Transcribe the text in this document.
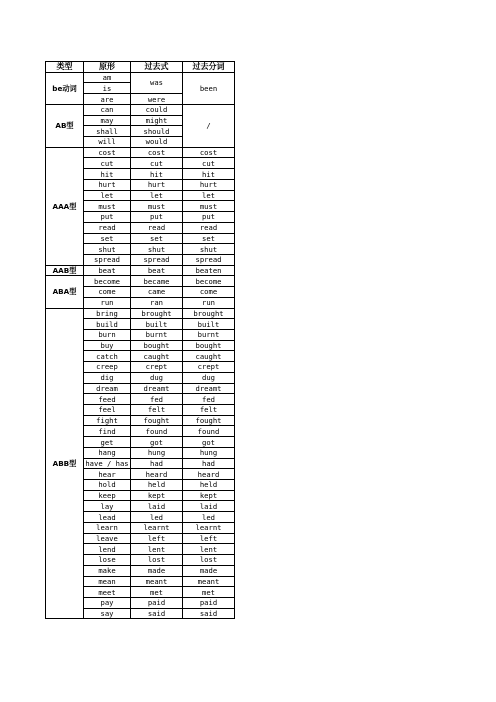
类型	原形	过去式	过去分词
be动词	am	was	been
	is		
	are	were	
AB型	can	could	/
	may	might	
	shall	should	
	will	would	
AAA型	cost	cost	cost
	cut	cut	cut
	hit	hit	hit
	hurt	hurt	hurt
	let	let	let
	must	must	must
	put	put	put
	read	read	read
	set	set	set
	shut	shut	shut
	spread	spread	spread
AAB型	beat	beat	beaten
ABA型	become	became	become
	come	came	come
	run	ran	run
ABB型	bring	brought	brought
	build	built	built
	burn	burnt	burnt
	buy	bought	bought
	catch	caught	caught
	creep	crept	crept
	dig	dug	dug
	dream	dreamt	dreamt
	feed	fed	fed
	feel	felt	felt
	fight	fought	fought
	find	found	found
	get	got	got
	hang	hung	hung
	have / has	had	had
	hear	heard	heard
	hold	held	held
	keep	kept	kept
	lay	laid	laid
	lead	led	led
	learn	learnt	learnt
	leave	left	left
	lend	lent	lent
	lose	lost	lost
	make	made	made
	mean	meant	meant
	meet	met	met
	pay	paid	paid
	say	said	said
